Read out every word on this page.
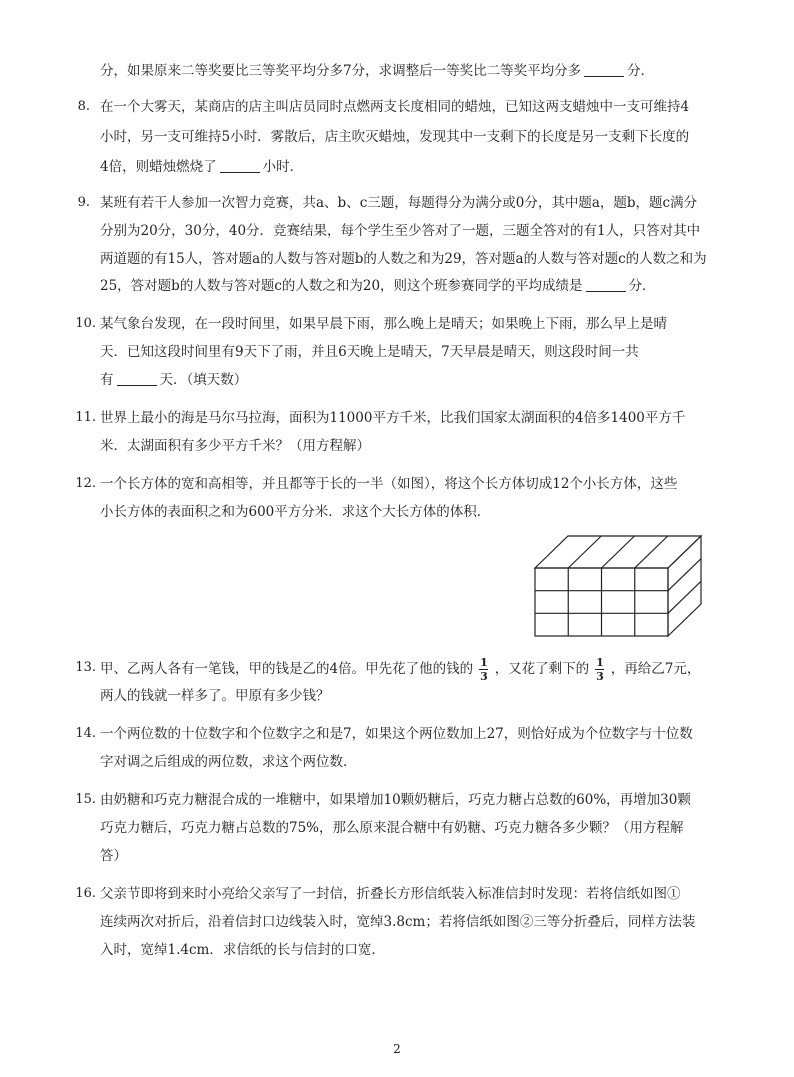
分，如果原来二等奖要比三等奖平均分多7分，求调整后一等奖比二等奖平均分多	分．
8. 在一个大雾天，某商店的店主叫店员同时点燃两支长度相同的蜡烛，已知这两支蜡烛中一支可维持4
小时，另一支可维持5小时．雾散后，店主吹灭蜡烛，发现其中一支剩下的长度是另一支剩下长度的
4倍，则蜡烛燃烧了	小时．
9. 某班有若干人参加一次智力竞赛，共a、b、c三题，每题得分为满分或0分，其中题a，题b，题c满分
分别为20分，30分，40分．竞赛结果，每个学生至少答对了一题，三题全答对的有1人，只答对其中
两道题的有15人，答对题a的人数与答对题b的人数之和为29，答对题a的人数与答对题c的人数之和为
25，答对题b的人数与答对题c的人数之和为20，则这个班参赛同学的平均成绩是	分．
10. 某气象台发现，在一段时间里，如果早晨下雨，那么晚上是晴天；如果晚上下雨，那么早上是晴
天．已知这段时间里有9天下了雨，并且6天晚上是晴天，7天早晨是晴天，则这段时间一共
有	天．（填天数）
11. 世界上最小的海是马尔马拉海，面积为11000平方千米，比我们国家太湖面积的4倍多1400平方千
米．太湖面积有多少平方千米？（用方程解）
12. 一个长方体的宽和高相等，并且都等于长的一半（如图），将这个长方体切成12个小长方体，这些
小长方体的表面积之和为600平方分米．求这个大长方体的体积．
13. 甲、乙两人各有一笔钱，甲的钱是乙的4倍。甲先花了他的钱的 $\frac{1}{3}$ ，又花了剩下的 $\frac{1}{3}$ ，再给乙7元，
两人的钱就一样多了。甲原有多少钱？
14. 一个两位数的十位数字和个位数字之和是7，如果这个两位数加上27，则恰好成为个位数字与十位数
字对调之后组成的两位数，求这个两位数．
15. 由奶糖和巧克力糖混合成的一堆糖中，如果增加10颗奶糖后，巧克力糖占总数的60%，再增加30颗
巧克力糖后，巧克力糖占总数的75%，那么原来混合糖中有奶糖、巧克力糖各多少颗？（用方程解
答）
16. 父亲节即将到来时小亮给父亲写了一封信，折叠长方形信纸装入标准信封时发现：若将信纸如图①
连续两次对折后，沿着信封口边线装入时，宽绰3.8cm；若将信纸如图②三等分折叠后，同样方法装
入时，宽绰1.4cm．求信纸的长与信封的口宽．
2
